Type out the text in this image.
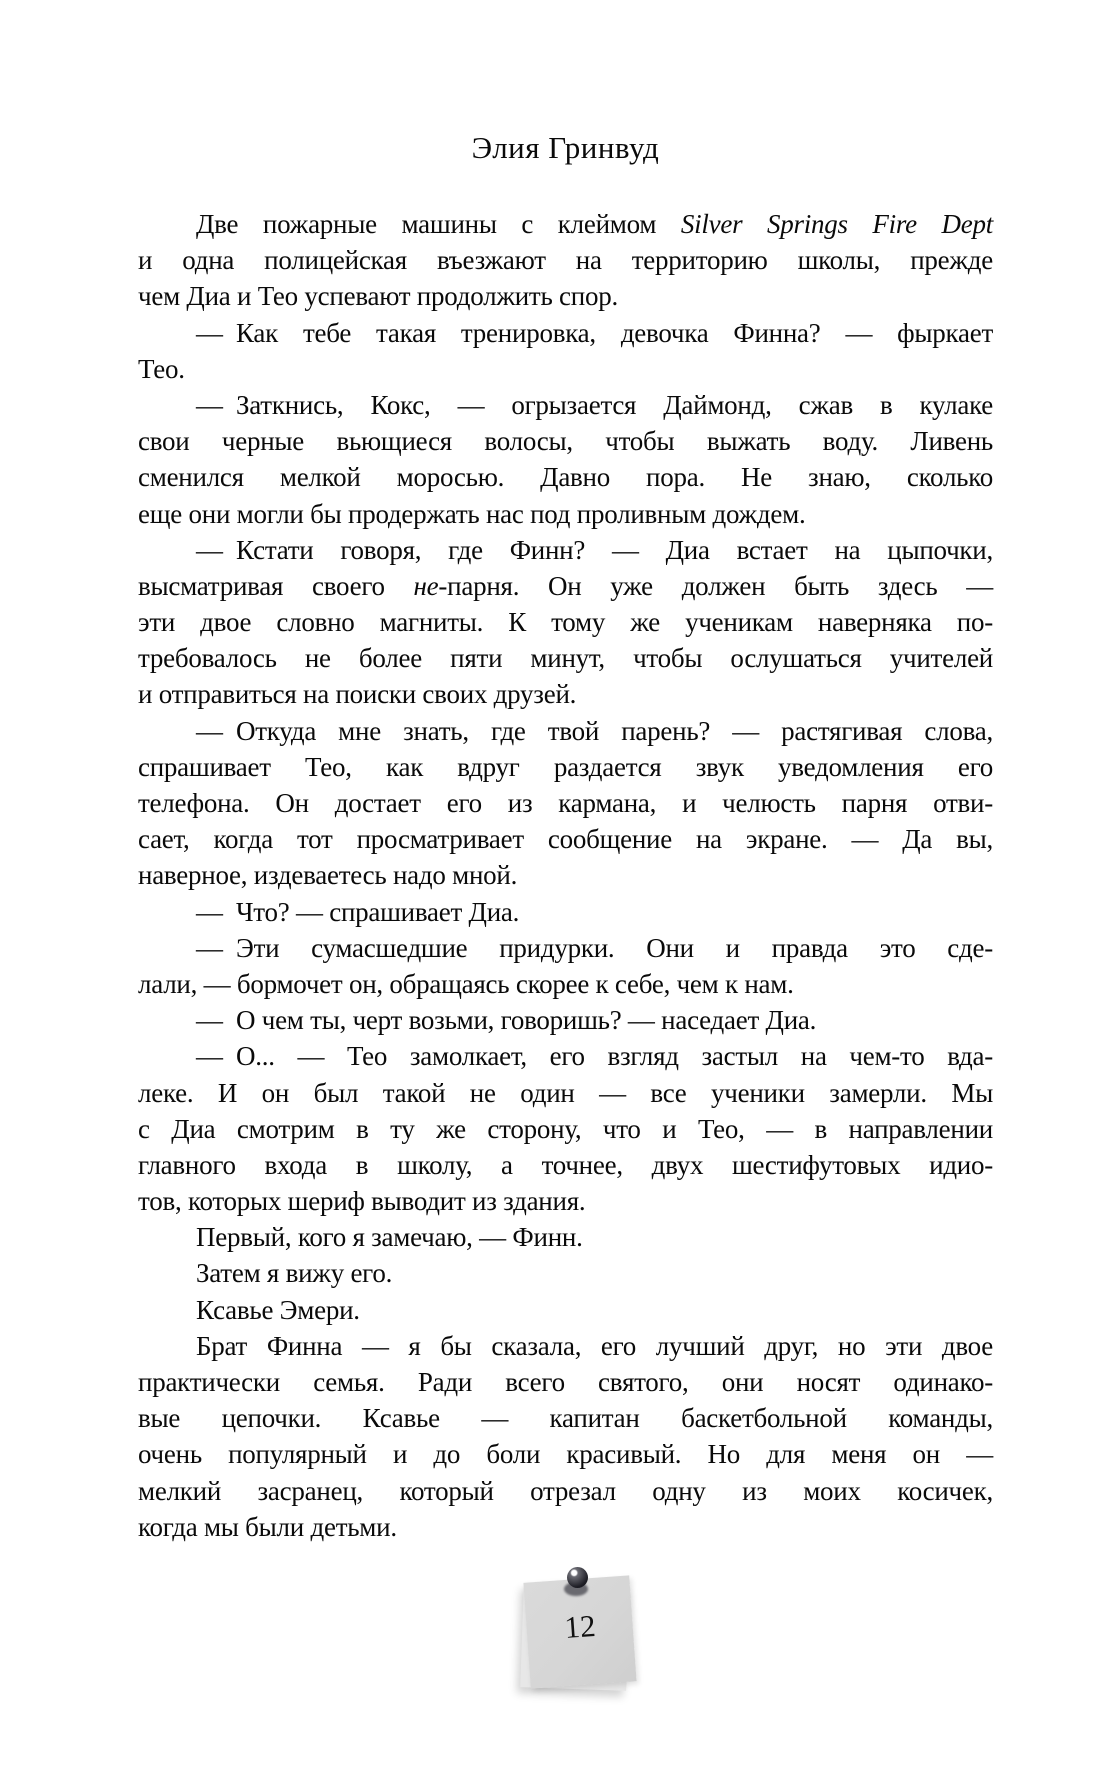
Элия Гринвуд
Две пожарные машины с клеймом Silver Springs Fire Dept
и одна полицейская въезжают на территорию школы, прежде
чем Диа и Тео успевают продолжить спор.
— Как тебе такая тренировка, девочка Финна? — фыркает
Тео.
— Заткнись, Кокс, — огрызается Даймонд, сжав в кулаке
свои черные вьющиеся волосы, чтобы выжать воду. Ливень
сменился мелкой моросью. Давно пора. Не знаю, сколько
еще они могли бы продержать нас под проливным дождем.
— Кстати говоря, где Финн? — Диа встает на цыпочки,
высматривая своего не-парня. Он уже должен быть здесь —
эти двое словно магниты. К тому же ученикам наверняка по-
требовалось не более пяти минут, чтобы ослушаться учителей
и отправиться на поиски своих друзей.
— Откуда мне знать, где твой парень? — растягивая слова,
спрашивает Тео, как вдруг раздается звук уведомления его
телефона. Он достает его из кармана, и челюсть парня отви-
сает, когда тот просматривает сообщение на экране. — Да вы,
наверное, издеваетесь надо мной.
— Что? — спрашивает Диа.
— Эти сумасшедшие придурки. Они и правда это сде-
лали, — бормочет он, обращаясь скорее к себе, чем к нам.
— О чем ты, черт возьми, говоришь? — наседает Диа.
— О... — Тео замолкает, его взгляд застыл на чем-то вда-
леке. И он был такой не один — все ученики замерли. Мы
с Диа смотрим в ту же сторону, что и Тео, — в направлении
главного входа в школу, а точнее, двух шестифутовых идио-
тов, которых шериф выводит из здания.
Первый, кого я замечаю, — Финн.
Затем я вижу его.
Ксавье Эмери.
Брат Финна — я бы сказала, его лучший друг, но эти двое
практически семья. Ради всего святого, они носят одинако-
вые цепочки. Ксавье — капитан баскетбольной команды,
очень популярный и до боли красивый. Но для меня он —
мелкий засранец, который отрезал одну из моих косичек,
когда мы были детьми.
12
